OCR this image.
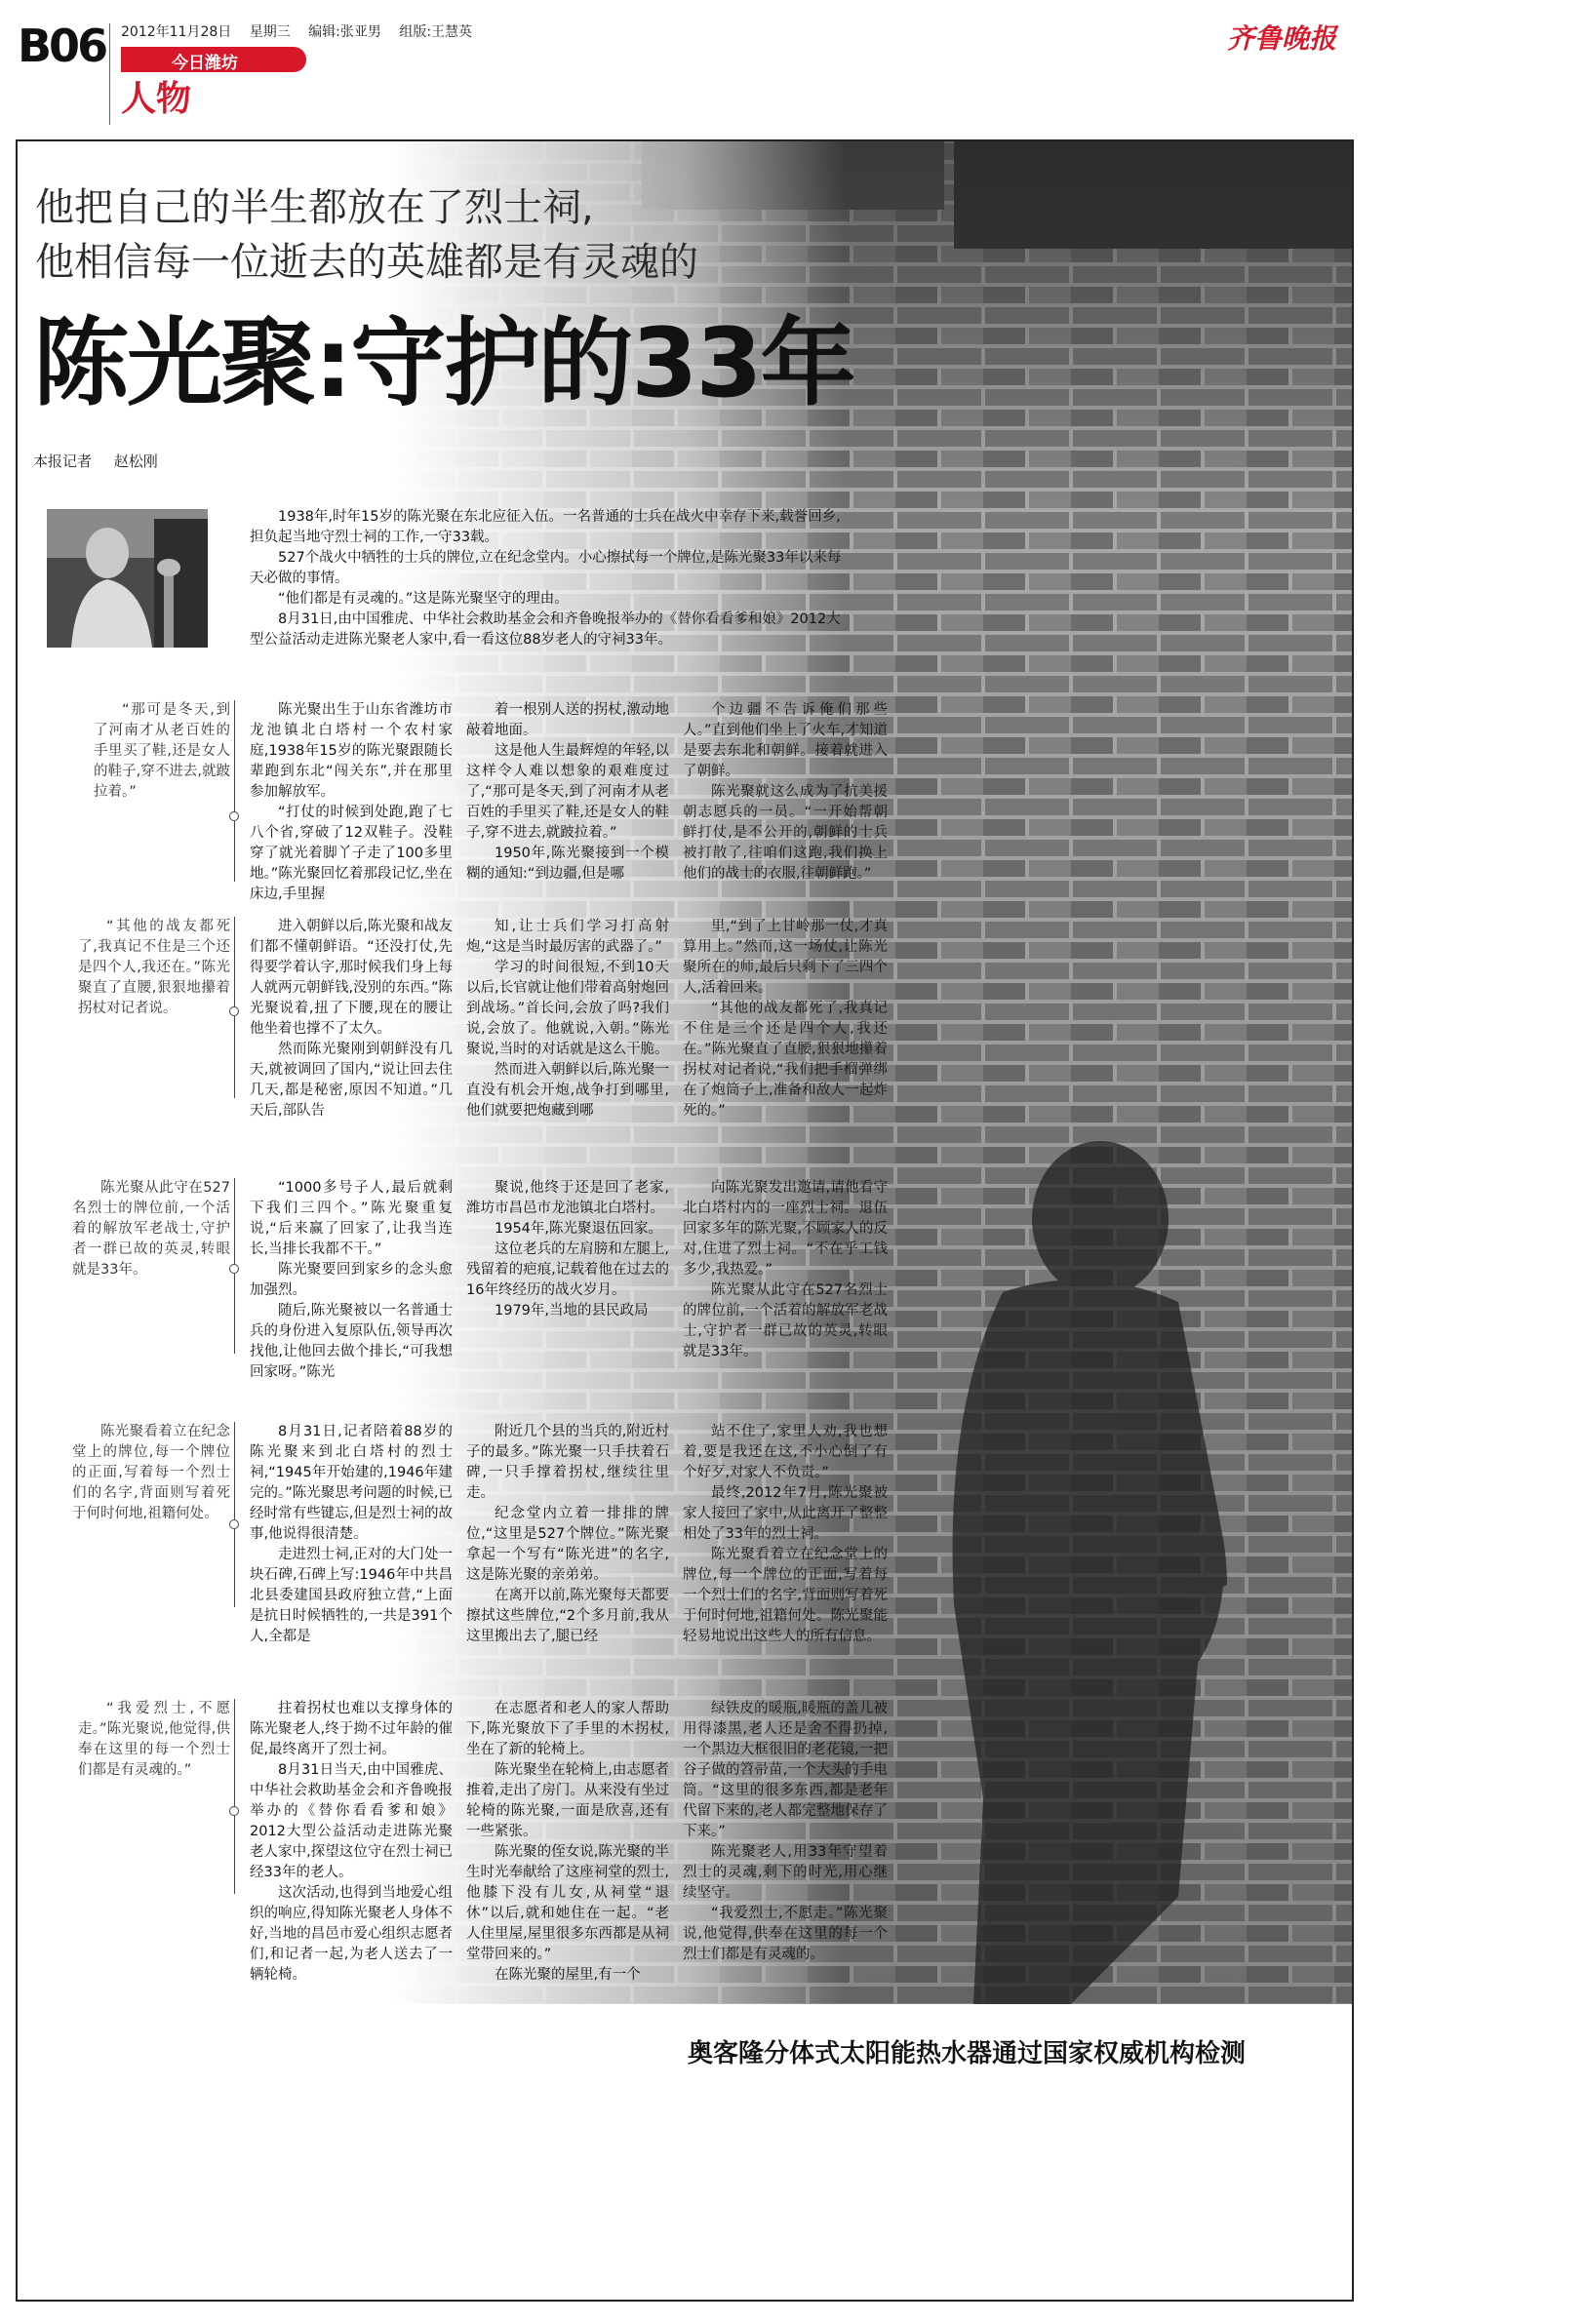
B06 2012年11月28日 星期三 编辑:张亚男 组版:王慧英
今日潍坊
人物
齐鲁晚报
他把自己的半生都放在了烈士祠,
他相信每一位逝去的英雄都是有灵魂的
陈光聚:守护的33年
本报记者 赵松刚

1938年,时年15岁的陈光聚在东北应征入伍。一名普通的士兵在战火中幸存下来,载誉回乡,担负起当地守烈士祠的工作,一守33载。

527个战火中牺牲的士兵的牌位,立在纪念堂内。小心擦拭每一个牌位,是陈光聚33年以来每天必做的事情。

“他们都是有灵魂的。”这是陈光聚坚守的理由。

8月31日,由中国雅虎、中华社会救助基金会和齐鲁晚报举办的《替你看看爹和娘》2012大型公益活动走进陈光聚老人家中,看一看这位88岁老人的守祠33年。

“那可是冬天,到了河南才从老百姓的手里买了鞋,还是女人的鞋子,穿不进去,就跛拉着。”

陈光聚出生于山东省潍坊市龙池镇北白塔村一个农村家庭,1938年15岁的陈光聚跟随长辈跑到东北“闯关东”,并在那里参加解放军。

“打仗的时候到处跑,跑了七八个省,穿破了12双鞋子。没鞋穿了就光着脚丫子走了100多里地。”陈光聚回忆着那段记忆,坐在床边,手里握

着一根别人送的拐杖,激动地敲着地面。

这是他人生最辉煌的年轻,以这样令人难以想象的艰难度过了,“那可是冬天,到了河南才从老百姓的手里买了鞋,还是女人的鞋子,穿不进去,就跛拉着。”

1950年,陈光聚接到一个模糊的通知:“到边疆,但是哪

个边疆不告诉俺们那些人。”直到他们坐上了火车,才知道是要去东北和朝鲜。接着就进入了朝鲜。

陈光聚就这么成为了抗美援朝志愿兵的一员。“一开始帮朝鲜打仗,是不公开的,朝鲜的士兵被打散了,往咱们这跑,我们换上他们的战士的衣服,往朝鲜跑。”

“其他的战友都死了,我真记不住是三个还是四个人,我还在。”陈光聚直了直腰,狠狠地攥着拐杖对记者说。

进入朝鲜以后,陈光聚和战友们都不懂朝鲜语。“还没打仗,先得要学着认字,那时候我们身上每人就两元朝鲜钱,没别的东西。”陈光聚说着,扭了下腰,现在的腰让他坐着也撑不了太久。

然而陈光聚刚到朝鲜没有几天,就被调回了国内,“说让回去住几天,都是秘密,原因不知道。”几天后,部队告

知,让士兵们学习打高射炮,“这是当时最厉害的武器了。”

学习的时间很短,不到10天以后,长官就让他们带着高射炮回到战场。”首长问,会放了吗?我们说,会放了。他就说,入朝。”陈光聚说,当时的对话就是这么干脆。

然而进入朝鲜以后,陈光聚一直没有机会开炮,战争打到哪里,他们就要把炮藏到哪

里,“到了上甘岭那一仗,才真算用上。”然而,这一场仗,让陈光聚所在的师,最后只剩下了三四个人,活着回来。

“其他的战友都死了,我真记不住是三个还是四个人,我还在。”陈光聚直了直腰,狠狠地攥着拐杖对记者说,“我们把手榴弹绑在了炮筒子上,准备和敌人一起炸死的。”

陈光聚从此守在527名烈士的牌位前,一个活着的解放军老战士,守护者一群已故的英灵,转眼就是33年。

“1000多号子人,最后就剩下我们三四个。”陈光聚重复说,“后来赢了回家了,让我当连长,当排长我都不干。”

陈光聚要回到家乡的念头愈加强烈。

随后,陈光聚被以一名普通士兵的身份进入复原队伍,领导再次找他,让他回去做个排长,“可我想回家呀。”陈光

聚说,他终于还是回了老家,潍坊市昌邑市龙池镇北白塔村。

1954年,陈光聚退伍回家。

这位老兵的左肩膀和左腿上,残留着的疤痕,记载着他在过去的16年终经历的战火岁月。

1979年,当地的县民政局

向陈光聚发出邀请,请他看守北白塔村内的一座烈士祠。退伍回家多年的陈光聚,不顾家人的反对,住进了烈士祠。“不在乎工钱多少,我热爱。”

陈光聚从此守在527名烈士的牌位前,一个活着的解放军老战士,守护者一群已故的英灵,转眼就是33年。

陈光聚看着立在纪念堂上的牌位,每一个牌位的正面,写着每一个烈士们的名字,背面则写着死于何时何地,祖籍何处。

8月31日,记者陪着88岁的陈光聚来到北白塔村的烈士祠,“1945年开始建的,1946年建完的。”陈光聚思考问题的时候,已经时常有些键忘,但是烈士祠的故事,他说得很清楚。

走进烈士祠,正对的大门处一块石碑,石碑上写:1946年中共昌北县委建国县政府独立营,“上面是抗日时候牺牲的,一共是391个人,全都是

附近几个县的当兵的,附近村子的最多。”陈光聚一只手扶着石碑,一只手撑着拐杖,继续往里走。

纪念堂内立着一排排的牌位,“这里是527个牌位。”陈光聚拿起一个写有“陈光进”的名字,这是陈光聚的亲弟弟。

在离开以前,陈光聚每天都要擦拭这些牌位,“2个多月前,我从这里搬出去了,腿已经

站不住了,家里人劝,我也想着,要是我还在这,不小心倒了有个好歹,对家人不负责。”

最终,2012年7月,陈光聚被家人接回了家中,从此离开了整整相处了33年的烈士祠。

陈光聚看着立在纪念堂上的牌位,每一个牌位的正面,写着每一个烈士们的名字,背面则写着死于何时何地,祖籍何处。陈光聚能轻易地说出这些人的所有信息。

“我爱烈士,不愿走。”陈光聚说,他觉得,供奉在这里的每一个烈士们都是有灵魂的。”

拄着拐杖也难以支撑身体的陈光聚老人,终于拗不过年龄的催促,最终离开了烈士祠。

8月31日当天,由中国雅虎、中华社会救助基金会和齐鲁晚报举办的《替你看看爹和娘》2012大型公益活动走进陈光聚老人家中,探望这位守在烈士祠已经33年的老人。

这次活动,也得到当地爱心组织的响应,得知陈光聚老人身体不好,当地的昌邑市爱心组织志愿者们,和记者一起,为老人送去了一辆轮椅。

在志愿者和老人的家人帮助下,陈光聚放下了手里的木拐杖,坐在了新的轮椅上。

陈光聚坐在轮椅上,由志愿者推着,走出了房门。从来没有坐过轮椅的陈光聚,一面是欣喜,还有一些紧张。

陈光聚的侄女说,陈光聚的半生时光奉献给了这座祠堂的烈士,他膝下没有儿女,从祠堂“退休”以后,就和她住在一起。“老人住里屋,屋里很多东西都是从祠堂带回来的。”

在陈光聚的屋里,有一个

绿铁皮的暖瓶,暖瓶的盖儿被用得漆黑,老人还是舍不得扔掉,一个黑边大框很旧的老花镜,一把谷子做的笤帚苗,一个大头的手电筒。“这里的很多东西,都是老年代留下来的,老人都完整地保存了下来。”

陈光聚老人,用33年守望着烈士的灵魂,剩下的时光,用心继续坚守。

“我爱烈士,不愿走。”陈光聚说,他觉得,供奉在这里的每一个烈士们都是有灵魂的。

奥客隆分体式太阳能热水器通过国家权威机构检测
